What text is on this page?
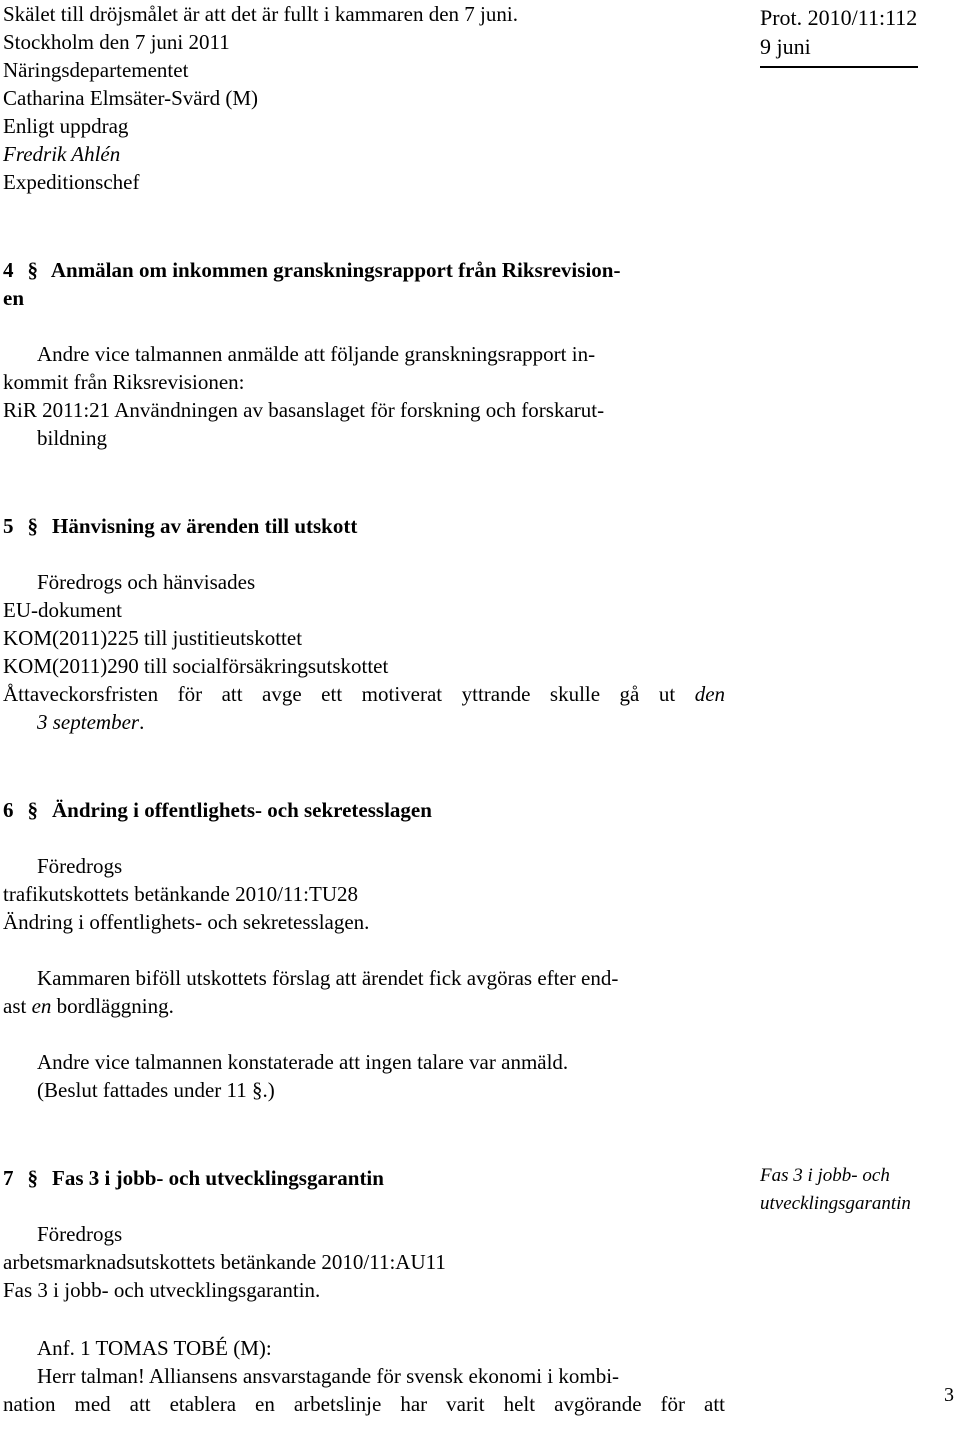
Skälet till dröjsmålet är att det är fullt i kammaren den 7 juni.
Stockholm den 7 juni 2011
Näringsdepartementet
Catharina Elmsäter-Svärd (M)
Enligt uppdrag
Fredrik Ahlén
Expeditionschef
Prot. 2010/11:112
9 juni
4 § Anmälan om inkommen granskningsrapport från Riksrevision-
en
Andre vice talmannen anmälde att följande granskningsrapport in-
kommit från Riksrevisionen:
RiR 2011:21 Användningen av basanslaget för forskning och forskarut-
bildning
5 § Hänvisning av ärenden till utskott
Föredrogs och hänvisades
EU-dokument
KOM(2011)225 till justitieutskottet
KOM(2011)290 till socialförsäkringsutskottet
Åttaveckorsfristen för att avge ett motiverat yttrande skulle gå ut den
3 september.
6 § Ändring i offentlighets- och sekretesslagen
Föredrogs
trafikutskottets betänkande 2010/11:TU28
Ändring i offentlighets- och sekretesslagen.
Kammaren biföll utskottets förslag att ärendet fick avgöras efter end-
ast en bordläggning.
Andre vice talmannen konstaterade att ingen talare var anmäld.
(Beslut fattades under 11 §.)
7 § Fas 3 i jobb- och utvecklingsgarantin	Fas 3 i jobb- och
utvecklingsgarantin
Föredrogs
arbetsmarknadsutskottets betänkande 2010/11:AU11
Fas 3 i jobb- och utvecklingsgarantin.
Anf. 1 TOMAS TOBÉ (M):
Herr talman! Alliansens ansvarstagande för svensk ekonomi i kombi-
nation med att etablera en arbetslinje har varit helt avgörande för att	3
